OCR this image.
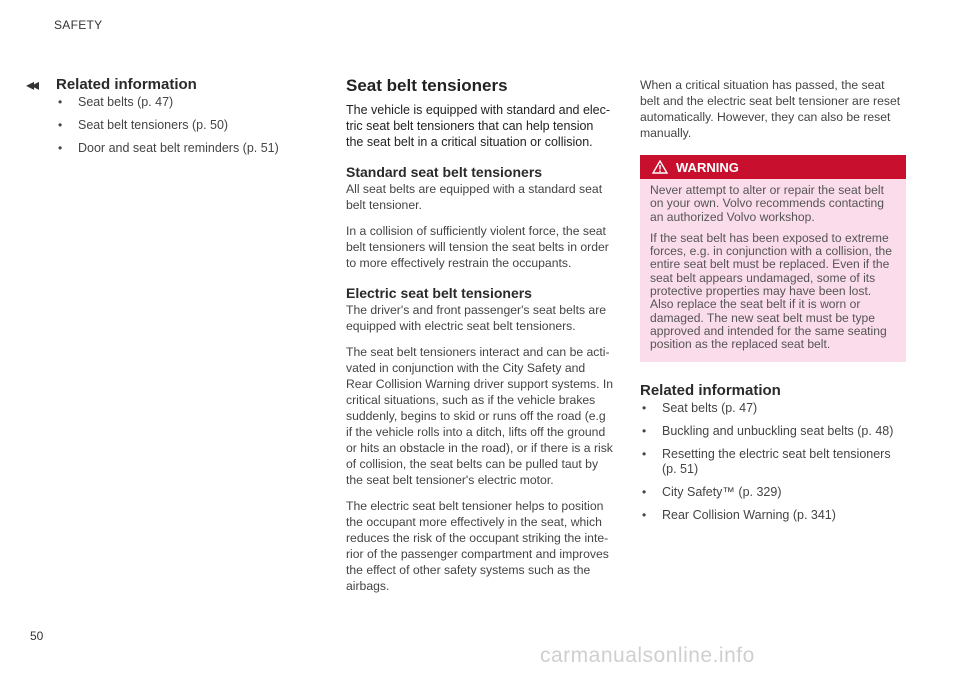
SAFETY
◂◂ Related information
• Seat belts (p. 47)
• Seat belt tensioners (p. 50)
• Door and seat belt reminders (p. 51)
Seat belt tensioners

The vehicle is equipped with standard and elec-tric seat belt tensioners that can help tension the seat belt in a critical situation or collision.

Standard seat belt tensioners

All seat belts are equipped with a standard seat belt tensioner.

In a collision of sufficiently violent force, the seat belt tensioners will tension the seat belts in order to more effectively restrain the occupants.

Electric seat belt tensioners

The driver's and front passenger's seat belts are equipped with electric seat belt tensioners.

The seat belt tensioners interact and can be acti-vated in conjunction with the City Safety and Rear Collision Warning driver support systems. In critical situations, such as if the vehicle brakes suddenly, begins to skid or runs off the road (e.g if the vehicle rolls into a ditch, lifts off the ground or hits an obstacle in the road), or if there is a risk of collision, the seat belts can be pulled taut by the seat belt tensioner's electric motor.

The electric seat belt tensioner helps to position the occupant more effectively in the seat, which reduces the risk of the occupant striking the inte-rior of the passenger compartment and improves the effect of other safety systems such as the airbags.

When a critical situation has passed, the seat belt and the electric seat belt tensioner are reset automatically. However, they can also be reset manually.

WARNING

Never attempt to alter or repair the seat belt on your own. Volvo recommends contacting an authorized Volvo workshop.

If the seat belt has been exposed to extreme forces, e.g. in conjunction with a collision, the entire seat belt must be replaced. Even if the seat belt appears undamaged, some of its protective properties may have been lost. Also replace the seat belt if it is worn or damaged. The new seat belt must be type approved and intended for the same seating position as the replaced seat belt.

Related information
• Seat belts (p. 47)
• Buckling and unbuckling seat belts (p. 48)
• Resetting the electric seat belt tensioners (p. 51)
• City Safety™ (p. 329)
• Rear Collision Warning (p. 341)
50
carmanualsonline.info
